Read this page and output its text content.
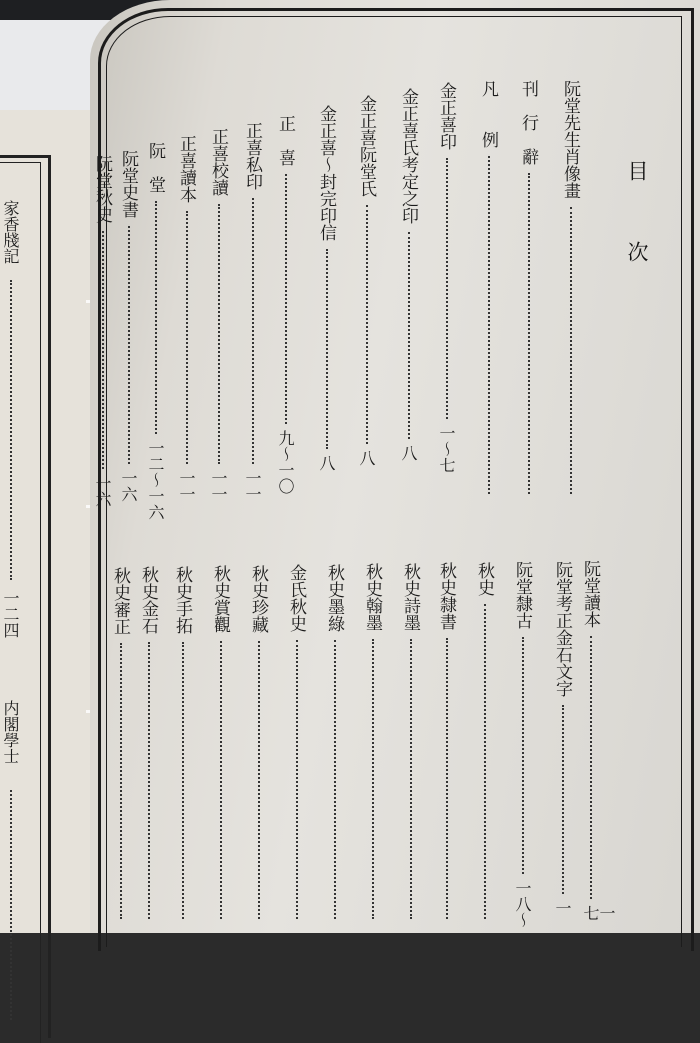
家香牋記
一二四
内閣學士
目次
阮堂先生肖像畫
刊　行　辭
凡　　例
金正喜印
一〜七
金正喜氏考定之印
八
金正喜阮堂氏
八
金正喜〜封完印信
八
正　喜
九〜一〇
正喜私印
一一
正喜校讀
一一
正喜讀本
一一
阮　堂
一二〜一六
阮堂史書
一六
阮堂秋史
一六
阮堂讀本
一七
阮堂考正金石文字
一
阮堂隸古
一八〜
秋史
秋史隸書
秋史詩墨
秋史翰墨
秋史墨綠
金氏秋史
秋史珍藏
秋史賞觀
秋史手拓
秋史金石
秋史審正
